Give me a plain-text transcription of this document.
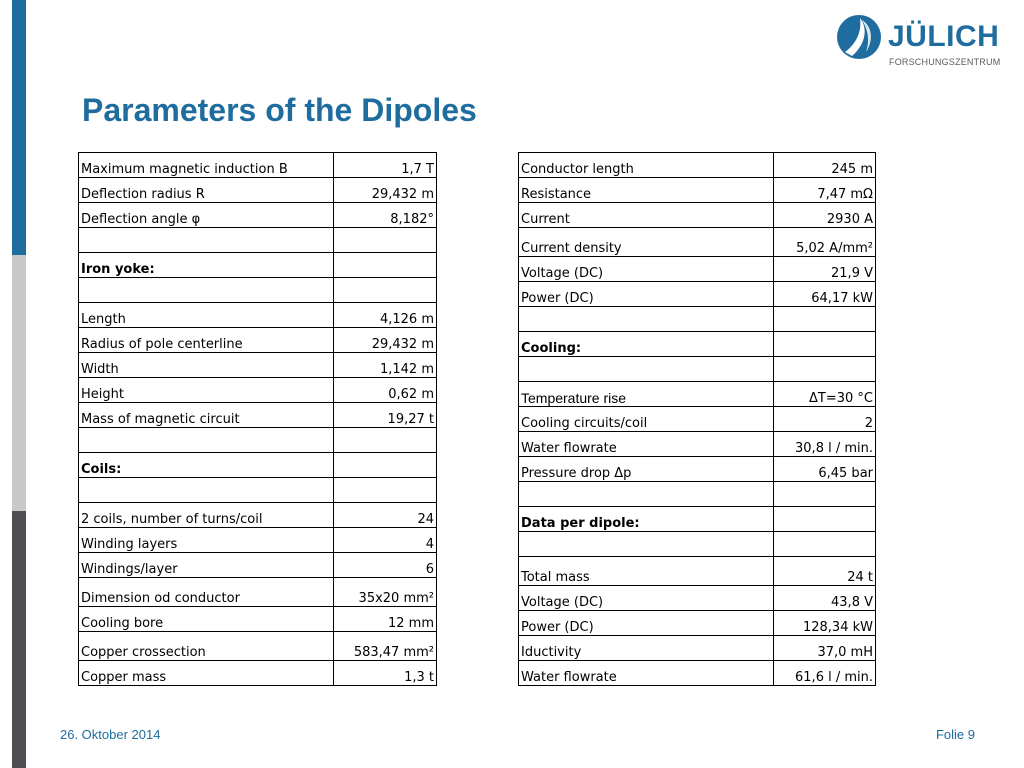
JÜLICH
FORSCHUNGSZENTRUM
Parameters of the Dipoles
Maximum magnetic induction B	1,7 T
Deflection radius R	29,432 m
Deflection angle φ	8,182°

Iron yoke:	

Length	4,126 m
Radius of pole centerline	29,432 m
Width	1,142 m
Height	0,62 m
Mass of magnetic circuit	19,27 t

Coils:	

2 coils, number of turns/coil	24
Winding layers	4
Windings/layer	6
Dimension od conductor	35x20 mm²
Cooling bore	12 mm
Copper crossection	583,47 mm²
Copper mass	1,3 t
Conductor length	245 m
Resistance	7,47 mΩ
Current	2930 A
Current density	5,02 A/mm²
Voltage (DC)	21,9 V
Power (DC)	64,17 kW

Cooling:	

Temperature rise	ΔT=30 °C
Cooling circuits/coil	2
Water flowrate	30,8 l / min.
Pressure drop Δp	6,45 bar

Data per dipole:	

Total mass	24 t
Voltage (DC)	43,8 V
Power (DC)	128,34 kW
Iductivity	37,0 mH
Water flowrate	61,6 l / min.
26. Oktober 2014	Folie 9
